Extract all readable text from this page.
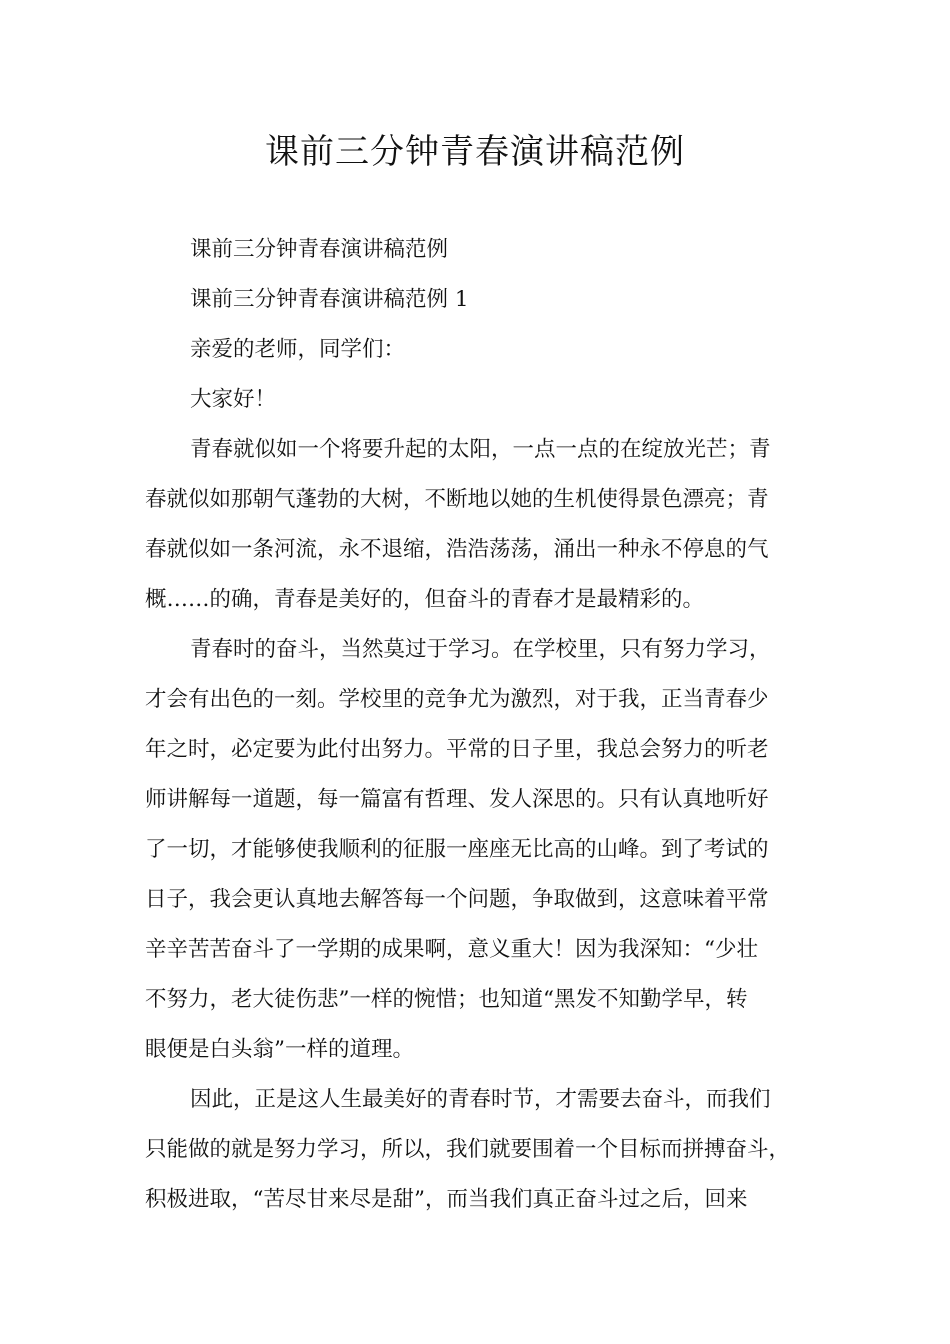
课前三分钟青春演讲稿范例
课前三分钟青春演讲稿范例
课前三分钟青春演讲稿范例 1
亲爱的老师，同学们：
大家好！
青春就似如一个将要升起的太阳，一点一点的在绽放光芒；青
春就似如那朝气蓬勃的大树，不断地以她的生机使得景色漂亮；青
春就似如一条河流，永不退缩，浩浩荡荡，涌出一种永不停息的气
概……的确，青春是美好的，但奋斗的青春才是最精彩的。
青春时的奋斗，当然莫过于学习。在学校里，只有努力学习，
才会有出色的一刻。学校里的竞争尤为激烈，对于我，正当青春少
年之时，必定要为此付出努力。平常的日子里，我总会努力的听老
师讲解每一道题，每一篇富有哲理、发人深思的。只有认真地听好
了一切，才能够使我顺利的征服一座座无比高的山峰。到了考试的
日子，我会更认真地去解答每一个问题，争取做到，这意味着平常
辛辛苦苦奋斗了一学期的成果啊，意义重大！因为我深知：“少壮
不努力，老大徒伤悲”一样的惋惜；也知道“黑发不知勤学早，转
眼便是白头翁”一样的道理。
因此，正是这人生最美好的青春时节，才需要去奋斗，而我们
只能做的就是努力学习，所以，我们就要围着一个目标而拼搏奋斗，
积极进取，“苦尽甘来尽是甜”，而当我们真正奋斗过之后，回来
